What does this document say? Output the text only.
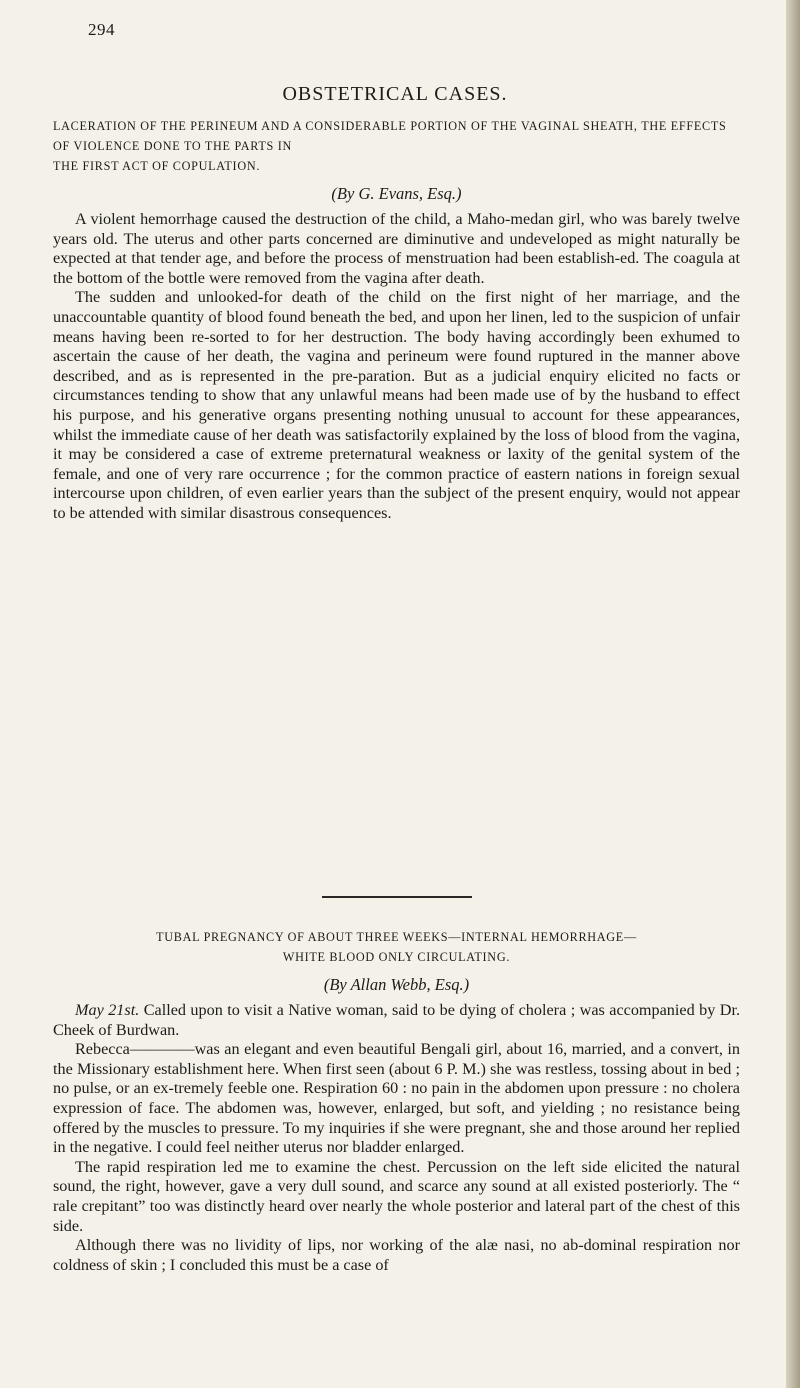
294
OBSTETRICAL CASES.

LACERATION OF THE PERINEUM AND A CONSIDERABLE PORTION OF THE VAGINAL SHEATH, THE EFFECTS OF VIOLENCE DONE TO THE PARTS IN

THE FIRST ACT OF COPULATION.

(By G. Evans, Esq.)

A violent hemorrhage caused the destruction of the child, a Maho-medan girl, who was barely twelve years old. The uterus and other parts concerned are diminutive and undeveloped as might naturally be expected at that tender age, and before the process of menstruation had been establish-ed. The coagula at the bottom of the bottle were removed from the vagina after death.

The sudden and unlooked-for death of the child on the first night of her marriage, and the unaccountable quantity of blood found beneath the bed, and upon her linen, led to the suspicion of unfair means having been re-sorted to for her destruction. The body having accordingly been exhumed to ascertain the cause of her death, the vagina and perineum were found ruptured in the manner above described, and as is represented in the pre-paration. But as a judicial enquiry elicited no facts or circumstances tending to show that any unlawful means had been made use of by the husband to effect his purpose, and his generative organs presenting nothing unusual to account for these appearances, whilst the immediate cause of her death was satisfactorily explained by the loss of blood from the vagina, it may be considered a case of extreme preternatural weakness or laxity of the genital system of the female, and one of very rare occurrence ; for the common practice of eastern nations in foreign sexual intercourse upon children, of even earlier years than the subject of the present enquiry, would not appear to be attended with similar disastrous consequences.

TUBAL PREGNANCY OF ABOUT THREE WEEKS—INTERNAL HEMORRHAGE—

WHITE BLOOD ONLY CIRCULATING.

(By Allan Webb, Esq.)

May 21st. Called upon to visit a Native woman, said to be dying of cholera ; was accompanied by Dr. Cheek of Burdwan.

Rebecca————was an elegant and even beautiful Bengali girl, about 16, married, and a convert, in the Missionary establishment here. When first seen (about 6 P. M.) she was restless, tossing about in bed ; no pulse, or an ex-tremely feeble one. Respiration 60 : no pain in the abdomen upon pressure : no cholera expression of face. The abdomen was, however, enlarged, but soft, and yielding ; no resistance being offered by the muscles to pressure. To my inquiries if she were pregnant, she and those around her replied in the negative. I could feel neither uterus nor bladder enlarged.

The rapid respiration led me to examine the chest. Percussion on the left side elicited the natural sound, the right, however, gave a very dull sound, and scarce any sound at all existed posteriorly. The “ rale crepitant” too was distinctly heard over nearly the whole posterior and lateral part of the chest of this side.

Although there was no lividity of lips, nor working of the alæ nasi, no ab-dominal respiration nor coldness of skin ; I concluded this must be a case of
